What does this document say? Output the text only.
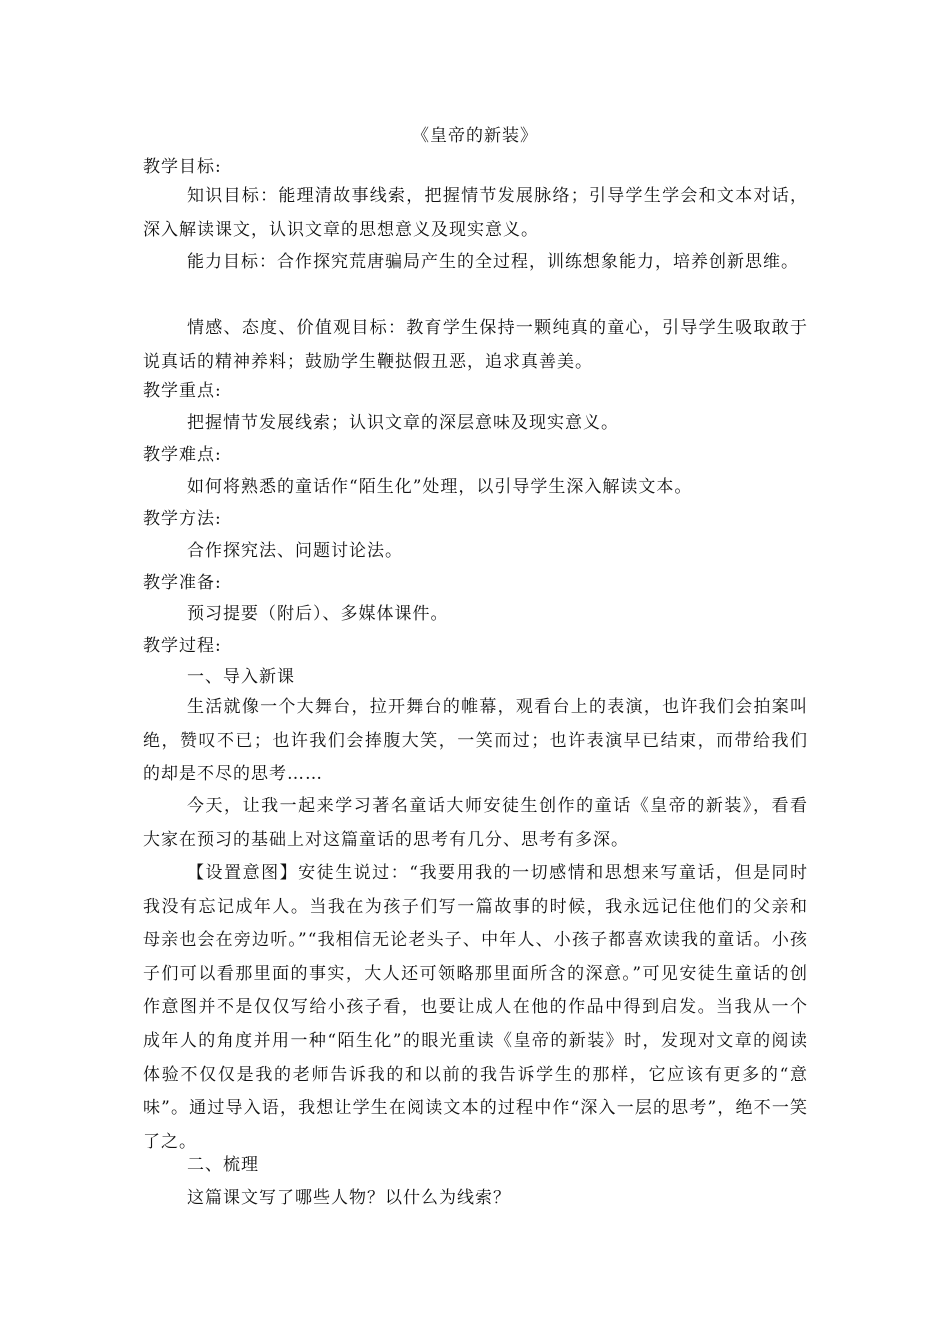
《皇帝的新装》
教学目标:

知识目标：能理清故事线索，把握情节发展脉络；引导学生学会和文本对话，深入解读课文，认识文章的思想意义及现实意义。

能力目标：合作探究荒唐骗局产生的全过程，训练想象能力，培养创新思维。

情感、态度、价值观目标：教育学生保持一颗纯真的童心，引导学生吸取敢于说真话的精神养料；鼓励学生鞭挞假丑恶，追求真善美。

教学重点:
把握情节发展线索；认识文章的深层意味及现实意义。
教学难点:
如何将熟悉的童话作“陌生化”处理，以引导学生深入解读文本。
教学方法:
合作探究法、问题讨论法。
教学准备:
预习提要（附后）、多媒体课件。
教学过程:
一、导入新课

生活就像一个大舞台，拉开舞台的帷幕，观看台上的表演，也许我们会拍案叫绝，赞叹不已；也许我们会捧腹大笑，一笑而过；也许表演早已结束，而带给我们的却是不尽的思考……

今天，让我一起来学习著名童话大师安徒生创作的童话《皇帝的新装》，看看大家在预习的基础上对这篇童话的思考有几分、思考有多深。

【设置意图】安徒生说过：“我要用我的一切感情和思想来写童话，但是同时我没有忘记成年人。当我在为孩子们写一篇故事的时候，我永远记住他们的父亲和母亲也会在旁边听。”“我相信无论老头子、中年人、小孩子都喜欢读我的童话。小孩子们可以看那里面的事实，大人还可领略那里面所含的深意。”可见安徒生童话的创作意图并不是仅仅写给小孩子看，也要让成人在他的作品中得到启发。当我从一个成年人的角度并用一种“陌生化”的眼光重读《皇帝的新装》时，发现对文章的阅读体验不仅仅是我的老师告诉我的和以前的我告诉学生的那样，它应该有更多的“意味”。通过导入语，我想让学生在阅读文本的过程中作“深入一层的思考”，绝不一笑了之。

二、梳理
这篇课文写了哪些人物？以什么为线索？
